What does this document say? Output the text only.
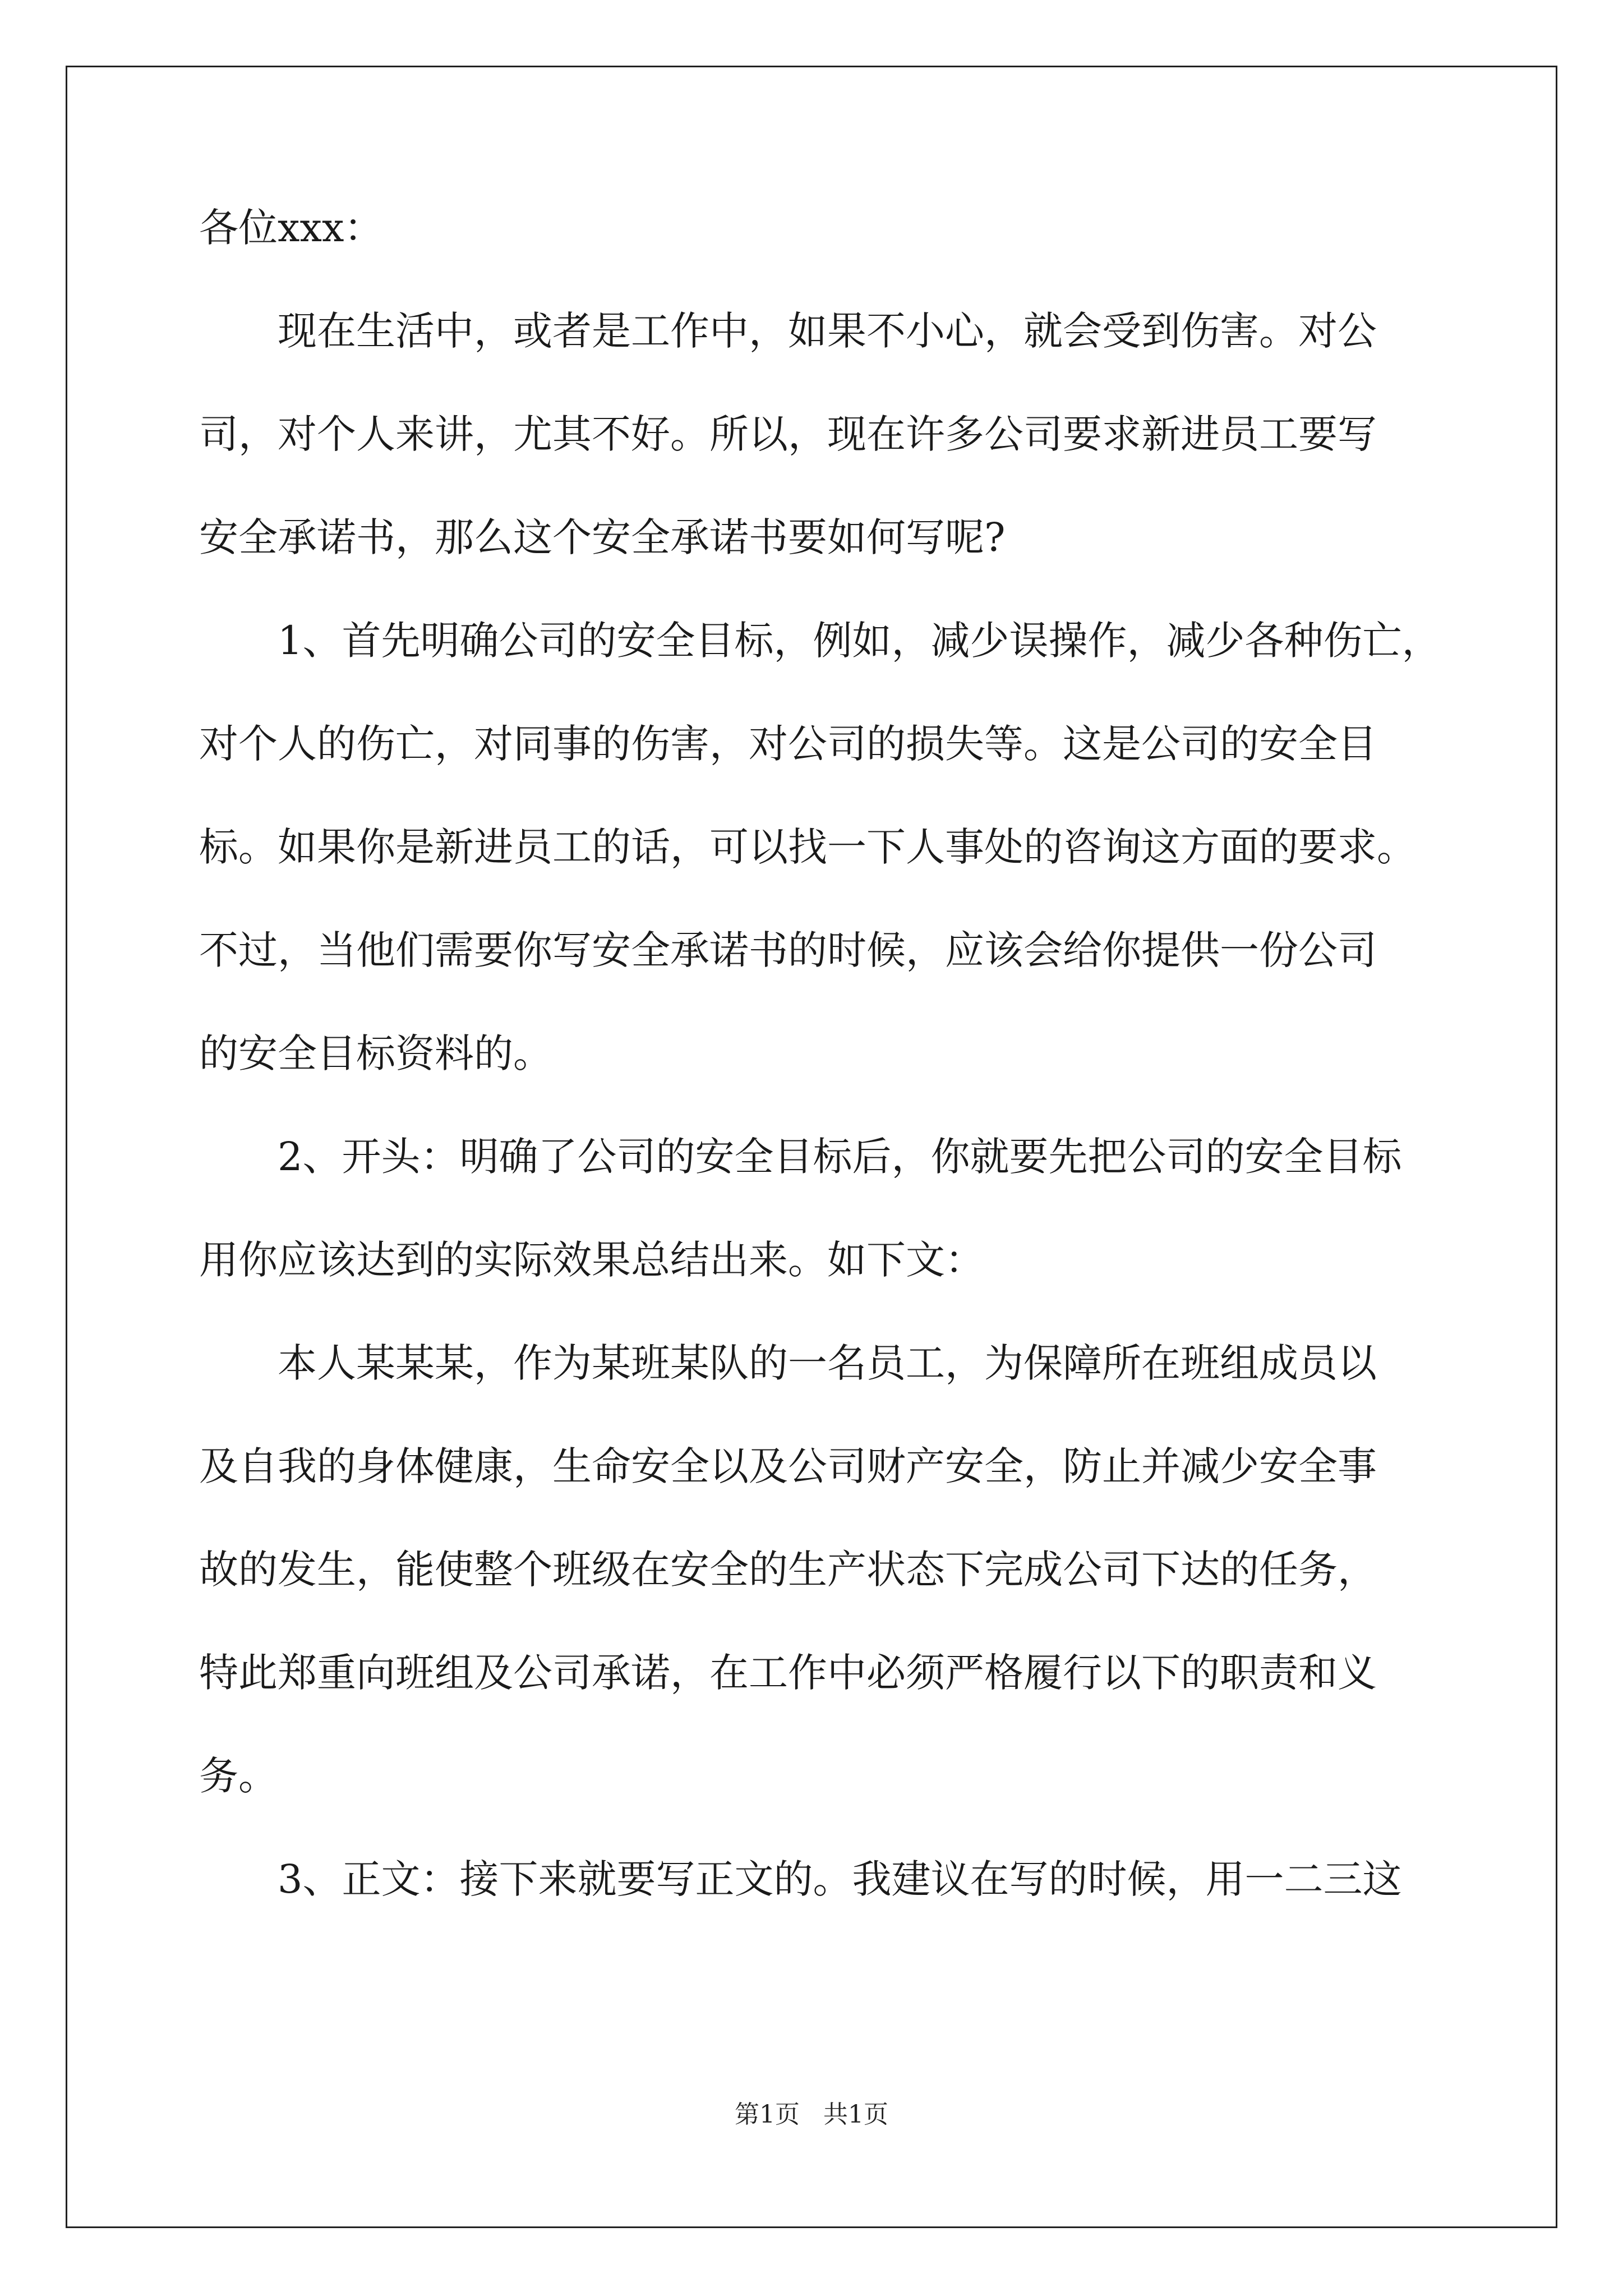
各位xxx：
现在生活中，或者是工作中，如果不小心，就会受到伤害。对公
司，对个人来讲，尤其不好。所以，现在许多公司要求新进员工要写
安全承诺书，那么这个安全承诺书要如何写呢?
1、首先明确公司的安全目标，例如，减少误操作，减少各种伤亡，
对个人的伤亡，对同事的伤害，对公司的损失等。这是公司的安全目
标。如果你是新进员工的话，可以找一下人事处的咨询这方面的要求。
不过，当他们需要你写安全承诺书的时候，应该会给你提供一份公司
的安全目标资料的。
2、开头：明确了公司的安全目标后，你就要先把公司的安全目标
用你应该达到的实际效果总结出来。如下文：
本人某某某，作为某班某队的一名员工，为保障所在班组成员以
及自我的身体健康，生命安全以及公司财产安全，防止并减少安全事
故的发生，能使整个班级在安全的生产状态下完成公司下达的任务，
特此郑重向班组及公司承诺，在工作中必须严格履行以下的职责和义
务。
3、正文：接下来就要写正文的。我建议在写的时候，用一二三这
第1页   共1页
